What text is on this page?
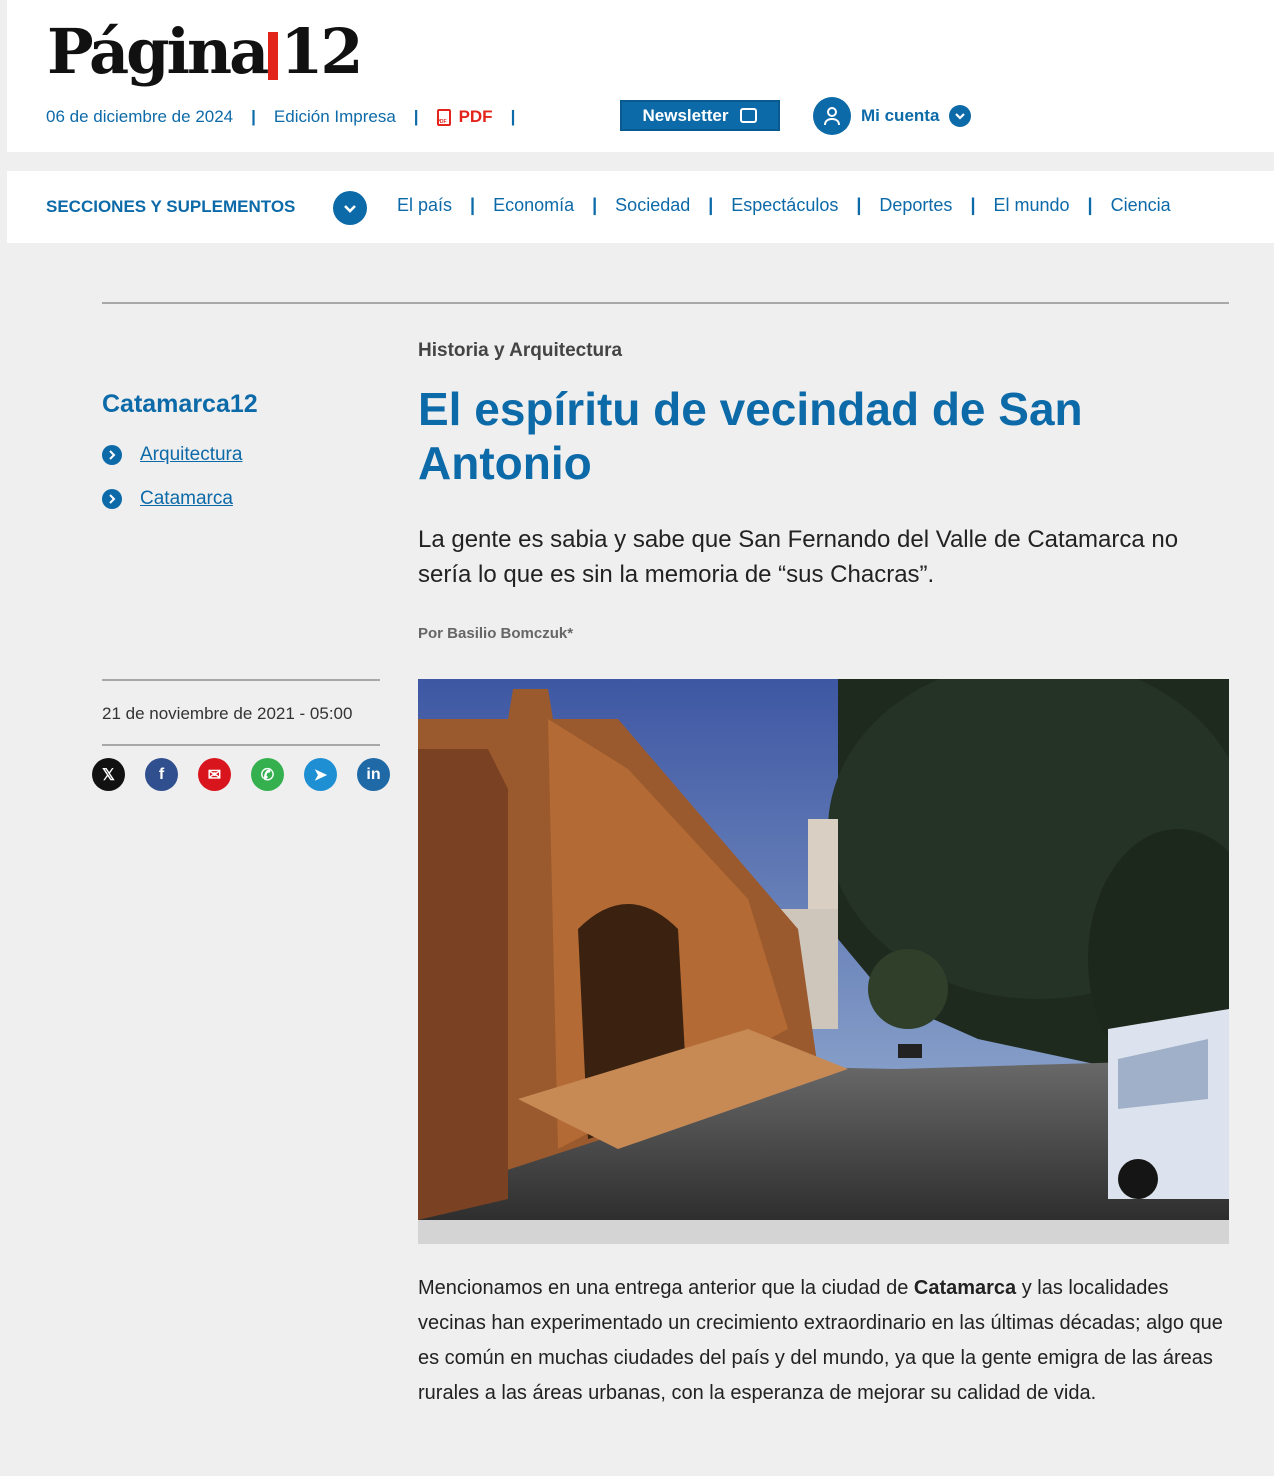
Página 12
06 de diciembre de 2024 | Edición Impresa |
PDF PDF |	Newsletter	Mi cuenta
SECCIONES Y SUPLEMENTOS	El país | Economía | Sociedad | Espectáculos | Deportes | El mundo | Ciencia
Catamarca12
Arquitectura
Catamarca
21 de noviembre de 2021 - 05:00
𝕏	f	✉	✆	➤	in
Historia y Arquitectura
El espíritu de vecindad de San Antonio

La gente es sabia y sabe que San Fernando del Valle de Catamarca no sería lo que es sin la memoria de “sus Chacras”.

Por Basilio Bomczuk*

Mencionamos en una entrega anterior que la ciudad de Catamarca y las localidades vecinas han experimentado un crecimiento extraordinario en las últimas décadas; algo que es común en muchas ciudades del país y del mundo, ya que la gente emigra de las áreas rurales a las áreas urbanas, con la esperanza de mejorar su calidad de vida.
